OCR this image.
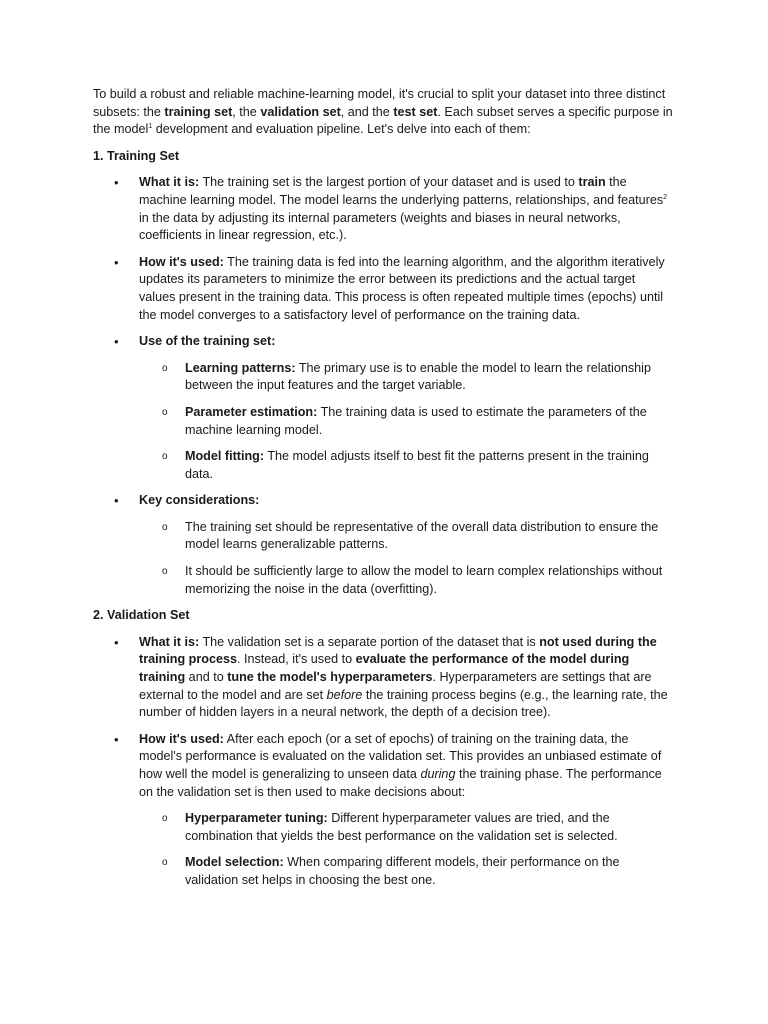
To build a robust and reliable machine-learning model, it's crucial to split your dataset into three distinct subsets: the training set, the validation set, and the test set. Each subset serves a specific purpose in the model$^1$ development and evaluation pipeline. Let's delve into each of them:

1. Training Set

• What it is: The training set is the largest portion of your dataset and is used to train the machine learning model. The model learns the underlying patterns, relationships, and features$^2$ in the data by adjusting its internal parameters (weights and biases in neural networks, coefficients in linear regression, etc.).
• How it's used: The training data is fed into the learning algorithm, and the algorithm iteratively updates its parameters to minimize the error between its predictions and the actual target values present in the training data. This process is often repeated multiple times (epochs) until the model converges to a satisfactory level of performance on the training data.
• Use of the training set:
o Learning patterns: The primary use is to enable the model to learn the relationship between the input features and the target variable.
o Parameter estimation: The training data is used to estimate the parameters of the machine learning model.
o Model fitting: The model adjusts itself to best fit the patterns present in the training data.
• Key considerations:
o The training set should be representative of the overall data distribution to ensure the model learns generalizable patterns.
o It should be sufficiently large to allow the model to learn complex relationships without memorizing the noise in the data (overfitting).

2. Validation Set

• What it is: The validation set is a separate portion of the dataset that is not used during the training process. Instead, it's used to evaluate the performance of the model during training and to tune the model's hyperparameters. Hyperparameters are settings that are external to the model and are set before the training process begins (e.g., the learning rate, the number of hidden layers in a neural network, the depth of a decision tree).
• How it's used: After each epoch (or a set of epochs) of training on the training data, the model's performance is evaluated on the validation set. This provides an unbiased estimate of how well the model is generalizing to unseen data during the training phase. The performance on the validation set is then used to make decisions about:
o Hyperparameter tuning: Different hyperparameter values are tried, and the combination that yields the best performance on the validation set is selected.
o Model selection: When comparing different models, their performance on the validation set helps in choosing the best one.
